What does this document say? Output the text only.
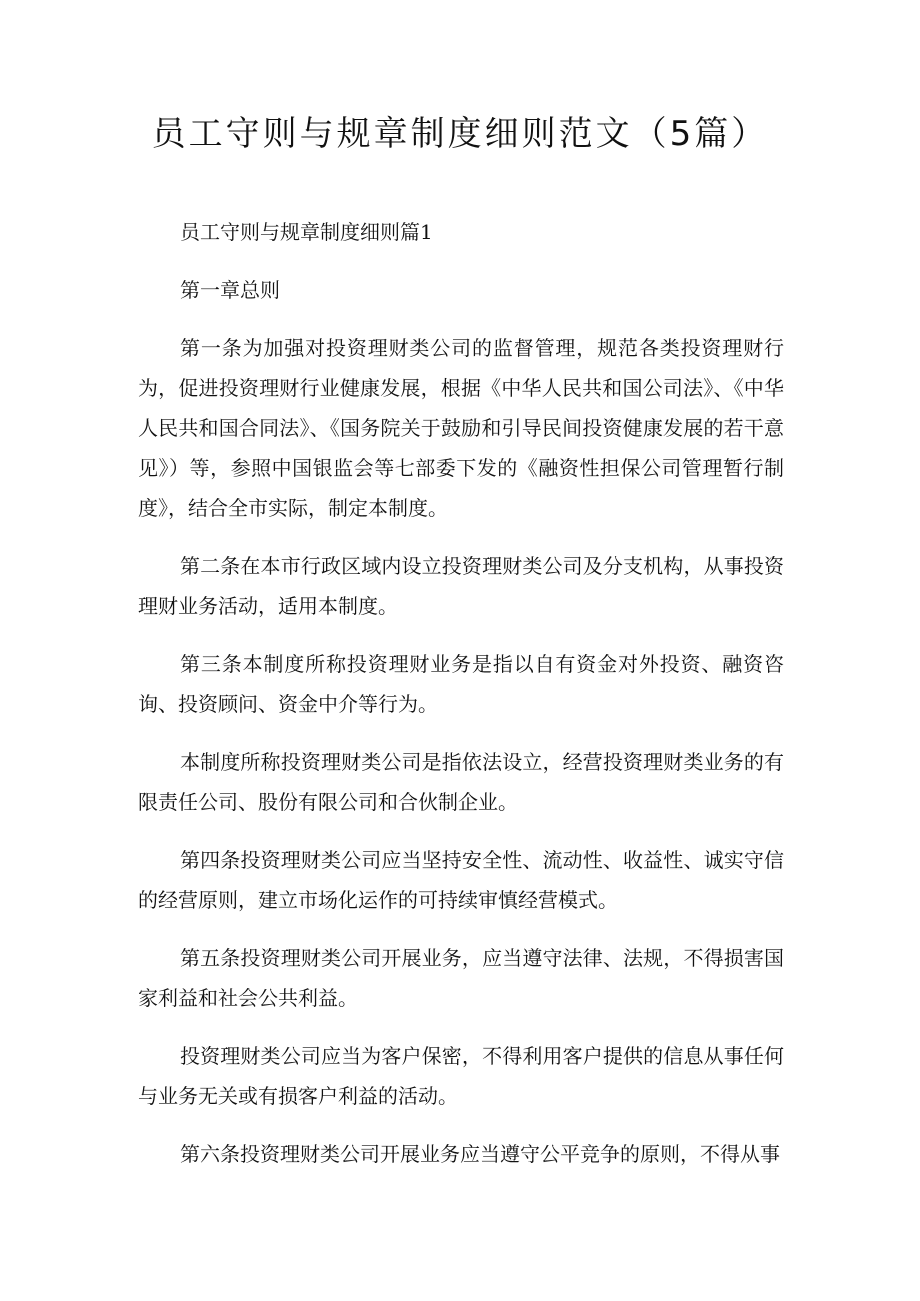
员工守则与规章制度细则范文（5篇）

员工守则与规章制度细则篇1

第一章总则

第一条为加强对投资理财类公司的监督管理，规范各类投资理财行为，促进投资理财行业健康发展，根据《中华人民共和国公司法》、《中华人民共和国合同法》、《国务院关于鼓励和引导民间投资健康发展的若干意见》）等，参照中国银监会等七部委下发的《融资性担保公司管理暂行制度》，结合全市实际，制定本制度。

第二条在本市行政区域内设立投资理财类公司及分支机构，从事投资理财业务活动，适用本制度。

第三条本制度所称投资理财业务是指以自有资金对外投资、融资咨询、投资顾问、资金中介等行为。

本制度所称投资理财类公司是指依法设立，经营投资理财类业务的有限责任公司、股份有限公司和合伙制企业。

第四条投资理财类公司应当坚持安全性、流动性、收益性、诚实守信的经营原则，建立市场化运作的可持续审慎经营模式。

第五条投资理财类公司开展业务，应当遵守法律、法规，不得损害国家利益和社会公共利益。

投资理财类公司应当为客户保密，不得利用客户提供的信息从事任何与业务无关或有损客户利益的活动。

第六条投资理财类公司开展业务应当遵守公平竞争的原则，不得从事
